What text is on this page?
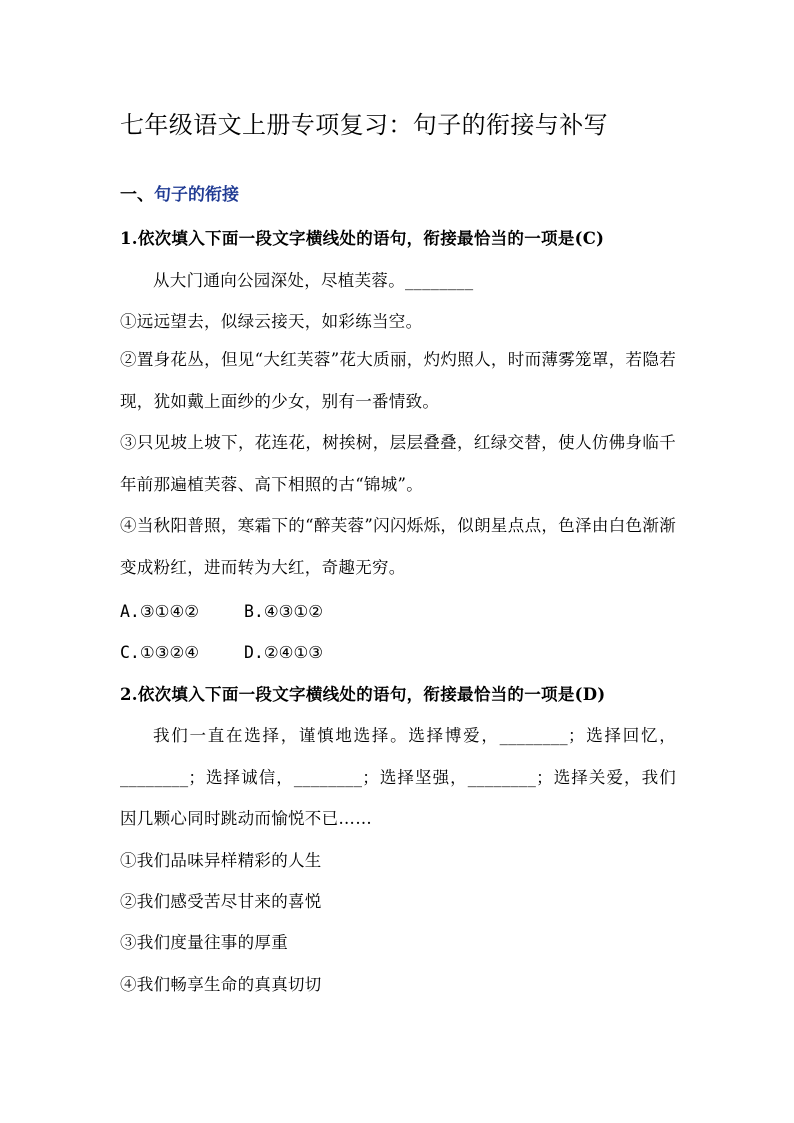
七年级语文上册专项复习：句子的衔接与补写
一、句子的衔接
1.依次填入下面一段文字横线处的语句，衔接最恰当的一项是(C)
从大门通向公园深处，尽植芙蓉。________
①远远望去，似绿云接天，如彩练当空。
②置身花丛，但见“大红芙蓉”花大质丽，灼灼照人，时而薄雾笼罩，若隐若现，犹如戴上面纱的少女，别有一番情致。
③只见坡上坡下，花连花，树挨树，层层叠叠，红绿交替，使人仿佛身临千年前那遍植芙蓉、高下相照的古“锦城”。
④当秋阳普照，寒霜下的“醉芙蓉”闪闪烁烁，似朗星点点，色泽由白色渐渐变成粉红，进而转为大红，奇趣无穷。
A.③①④②	B.④③①②
C.①③②④	D.②④①③
2.依次填入下面一段文字横线处的语句，衔接最恰当的一项是(D)
我们一直在选择，谨慎地选择。选择博爱，________；选择回忆，________；选择诚信，________；选择坚强，________；选择关爱，我们因几颗心同时跳动而愉悦不已……
①我们品味异样精彩的人生
②我们感受苦尽甘来的喜悦
③我们度量往事的厚重
④我们畅享生命的真真切切
